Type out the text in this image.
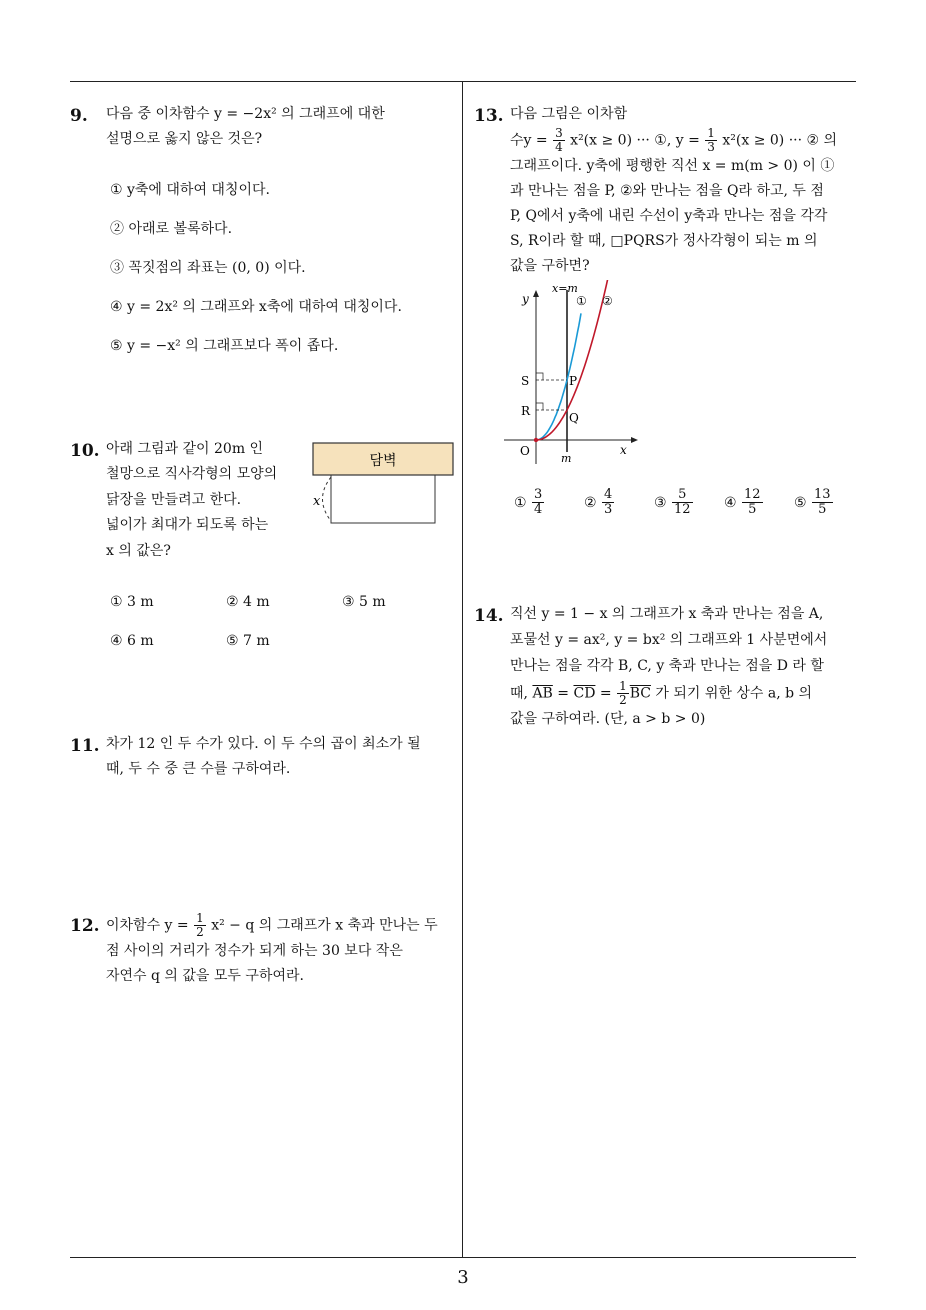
9. 다음 중 이차함수 y = −2x² 의 그래프에 대한
설명으로 옳지 않은 것은?
① y축에 대하여 대칭이다.
② 아래로 볼록하다.
③ 꼭짓점의 좌표는 (0, 0) 이다.
④ y = 2x² 의 그래프와 x축에 대하여 대칭이다.
⑤ y = −x² 의 그래프보다 폭이 좁다.
10. 아래 그림과 같이 20m 인
철망으로 직사각형의 모양의
닭장을 만들려고 한다.
넓이가 최대가 되도록 하는
x 의 값은?
담벽
x
① 3 m	② 4 m	③ 5 m
④ 6 m	⑤ 7 m
11. 차가 12 인 두 수가 있다. 이 두 수의 곱이 최소가 될
때, 두 수 중 큰 수를 구하여라.
12. 이차함수 $y = \frac{1}{2} x^2 - q$ 의 그래프가 x 축과 만나는 두
점 사이의 거리가 정수가 되게 하는 30 보다 작은
자연수 q 의 값을 모두 구하여라.
13. 다음 그림은 이차함
수$y = \frac{3}{4} x^2(x \ge 0)$ ··· ①, $y = \frac{1}{3} x^2(x \ge 0)$ ··· ② 의
그래프이다. y축에 평행한 직선 x = m(m > 0) 이 ①
과 만나는 점을 P, ②와 만나는 점을 Q라 하고, 두 점
P, Q에서 y축에 내린 수선이 y축과 만나는 점을 각각
S, R이라 할 때, □PQRS가 정사각형이 되는 m 의
값을 구하면?
y
x=m
① ②
S	P
R	Q
O
m
x
① $\frac{3}{4}$	② $\frac{4}{3}$	③ $\frac{5}{12}$ ④ $\frac{12}{5}$ ⑤ $\frac{13}{5}$
14. 직선 y = 1 − x 의 그래프가 x 축과 만나는 점을 A,
포물선 y = ax², y = bx² 의 그래프와 1 사분면에서
만나는 점을 각각 B, C, y 축과 만나는 점을 D 라 할
때, $\overline{AB} = \overline{CD} = \frac{1}{2} \overline{BC}$ 가 되기 위한 상수 a, b 의
값을 구하여라. (단, a > b > 0)
3
